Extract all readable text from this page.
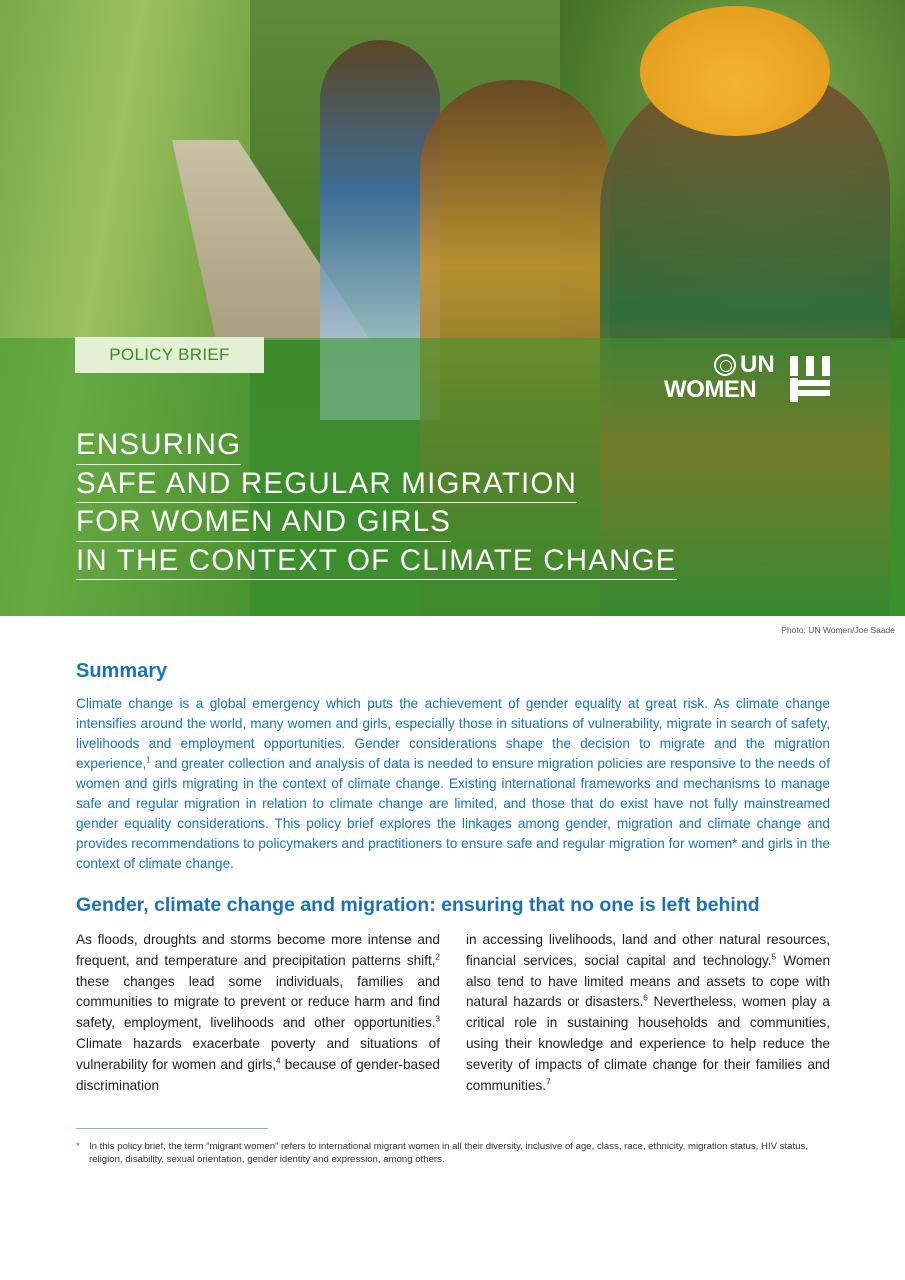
POLICY BRIEF	UN
WOMEN
ENSURING
SAFE AND REGULAR MIGRATION
FOR WOMEN AND GIRLS
IN THE CONTEXT OF CLIMATE CHANGE
Photo: UN Women/Joe Saade
Summary
Climate change is a global emergency which puts the achievement of gender equality at great risk. As climate change intensifies around the world, many women and girls, especially those in situations of vulnerability, migrate in search of safety, livelihoods and employment opportunities. Gender considerations shape the decision to migrate and the migration experience,$^1$ and greater collection and analysis of data is needed to ensure migration policies are responsive to the needs of women and girls migrating in the context of climate change. Existing international frameworks and mechanisms to manage safe and regular migration in relation to climate change are limited, and those that do exist have not fully mainstreamed gender equality considerations. This policy brief explores the linkages among gender, migration and climate change and provides recommendations to policymakers and practitioners to ensure safe and regular migration for women* and girls in the context of climate change.
Gender, climate change and migration: ensuring that no one is left behind
As floods, droughts and storms become more intense and frequent, and temperature and precipitation patterns shift,$^2$ these changes lead some individuals, families and communities to migrate to prevent or reduce harm and find safety, employment, livelihoods and other opportunities.$^3$ Climate hazards exacerbate poverty and situations of vulnerability for women and girls,$^4$ because of gender-based discrimination
in accessing livelihoods, land and other natural resources, financial services, social capital and technology.$^5$ Women also tend to have limited means and assets to cope with natural hazards or disasters.$^6$ Nevertheless, women play a critical role in sustaining households and communities, using their knowledge and experience to help reduce the severity of impacts of climate change for their families and communities.$^7$
* In this policy brief, the term “migrant women” refers to international migrant women in all their diversity, inclusive of age, class, race, ethnicity, migration status, HIV status, religion, disability, sexual orientation, gender identity and expression, among others.
